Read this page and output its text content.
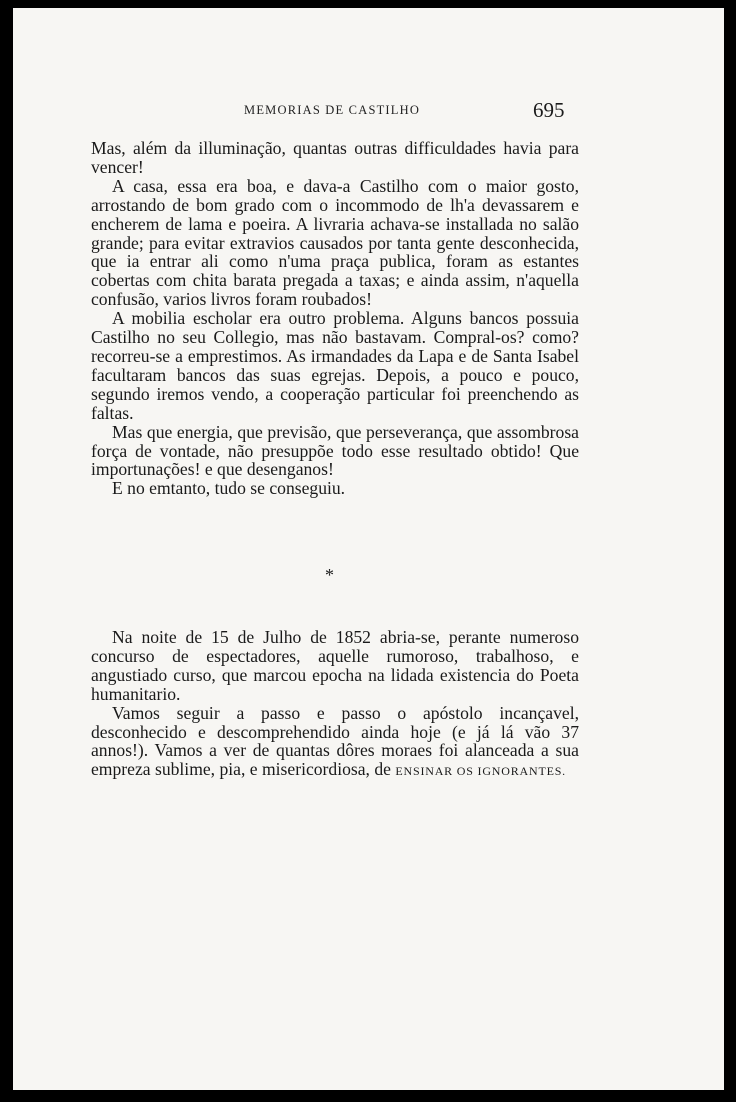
MEMORIAS DE CASTILHO	695

Mas, além da illuminação, quantas outras difficuldades havia para vencer!

A casa, essa era boa, e dava-a Castilho com o maior gosto, arrostando de bom grado com o incommodo de lh'a devassarem e encherem de lama e poeira. A livraria achava-se installada no salão grande; para evitar extravios causados por tanta gente desconhecida, que ia entrar ali como n'uma praça publica, foram as estantes cobertas com chita barata pregada a taxas; e ainda assim, n'aquella confusão, varios livros foram roubados!

A mobilia escholar era outro problema. Alguns bancos possuia Castilho no seu Collegio, mas não bastavam. Compral-os? como? recorreu-se a emprestimos. As irmandades da Lapa e de Santa Isabel facultaram bancos das suas egrejas. Depois, a pouco e pouco, segundo iremos vendo, a cooperação particular foi preenchendo as faltas.

Mas que energia, que previsão, que perseverança, que assombrosa força de vontade, não presuppõe todo esse resultado obtido! Que importunações! e que desenganos!

E no emtanto, tudo se conseguiu.

*

Na noite de 15 de Julho de 1852 abria-se, perante numeroso concurso de espectadores, aquelle rumoroso, trabalhoso, e angustiado curso, que marcou epocha na lidada existencia do Poeta humanitario.

Vamos seguir a passo e passo o apóstolo incançavel, desconhecido e descomprehendido ainda hoje (e já lá vão 37 annos!). Vamos a ver de quantas dôres moraes foi alanceada a sua empreza sublime, pia, e misericordiosa, de ENSINAR OS IGNORANTES.
